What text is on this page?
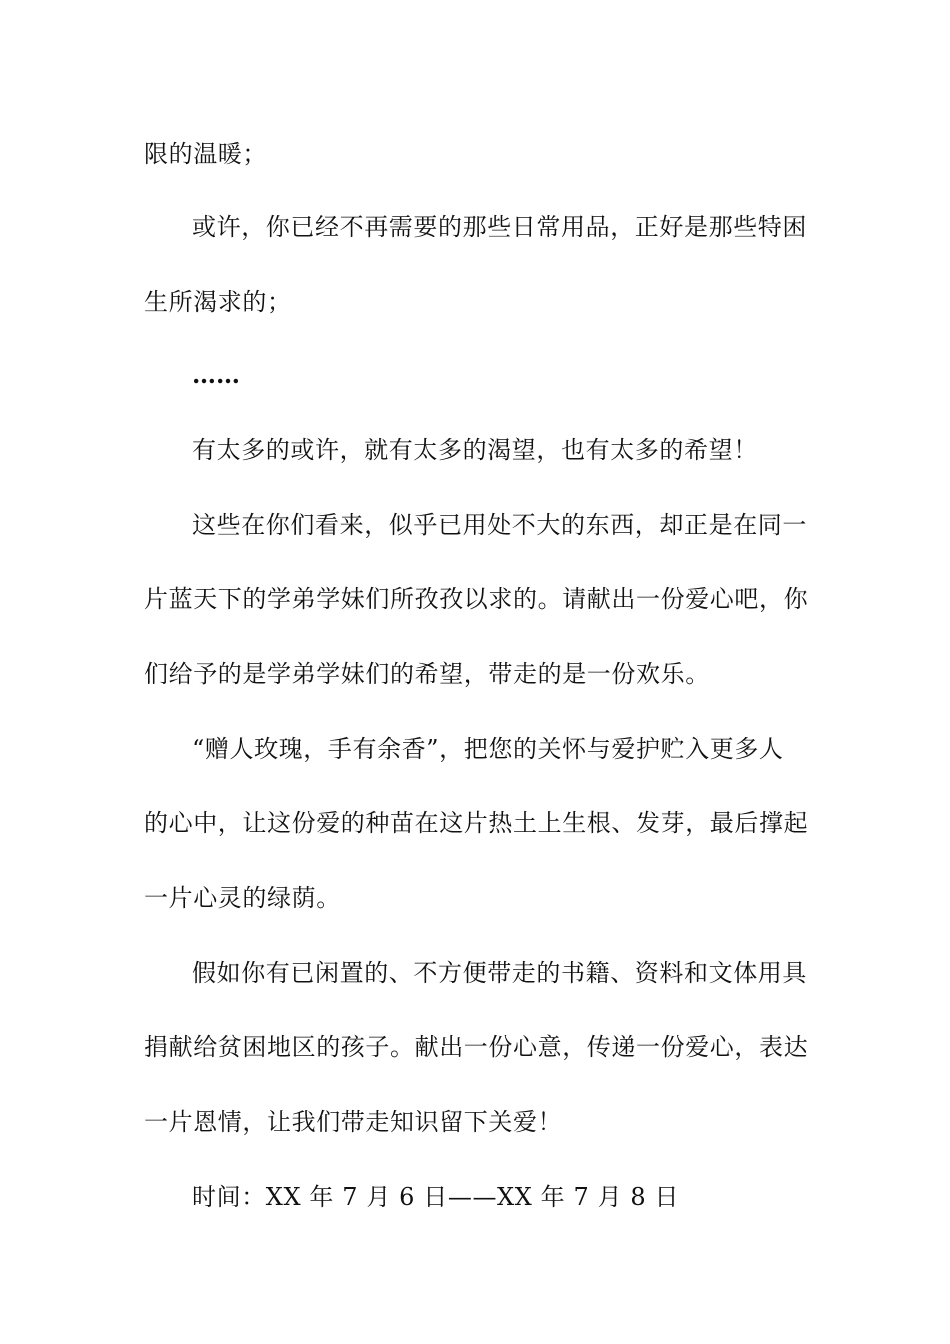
限的温暖；
或许，你已经不再需要的那些日常用品，正好是那些特困
生所渴求的；
……
有太多的或许，就有太多的渴望，也有太多的希望！
这些在你们看来，似乎已用处不大的东西，却正是在同一
片蓝天下的学弟学妹们所孜孜以求的。请献出一份爱心吧，你
们给予的是学弟学妹们的希望，带走的是一份欢乐。
“赠人玫瑰，手有余香”，把您的关怀与爱护贮入更多人
的心中，让这份爱的种苗在这片热土上生根、发芽，最后撑起
一片心灵的绿荫。
假如你有已闲置的、不方便带走的书籍、资料和文体用具
捐献给贫困地区的孩子。献出一份心意，传递一份爱心，表达
一片恩情，让我们带走知识留下关爱！
时间：XX 年 7 月 6 日——XX 年 7 月 8 日
